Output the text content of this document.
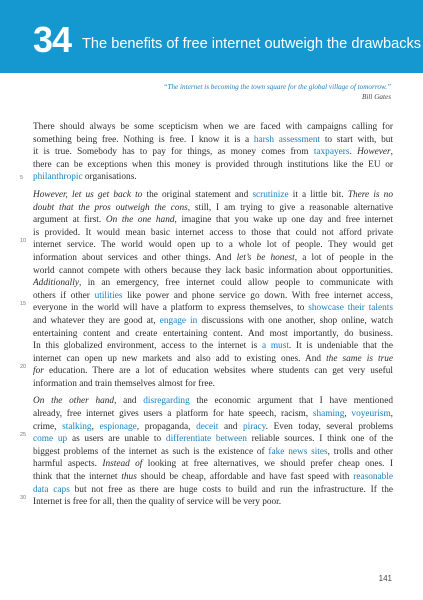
34 The benefits of free internet outweigh the drawbacks
“The internet is becoming the town square for the global village of tomorrow.”
Bill Gates
There should always be some scepticism when we are faced with campaigns calling for
something being free. Nothing is free. I know it is a harsh assessment to start with, but
it is true. Somebody has to pay for things, as money comes from taxpayers. However,
there can be exceptions when this money is provided through institutions like the EU or
philanthropic organisations.
However, let us get back to the original statement and scrutinize it a little bit. There is no
doubt that the pros outweigh the cons, still, I am trying to give a reasonable alternative
argument at first. On the one hand, imagine that you wake up one day and free internet
is provided. It would mean basic internet access to those that could not afford private
internet service. The world would open up to a whole lot of people. They would get
information about services and other things. And let’s be honest, a lot of people in the
world cannot compete with others because they lack basic information about opportunities.
Additionally, in an emergency, free internet could allow people to communicate with
others if other utilities like power and phone service go down. With free internet access,
everyone in the world will have a platform to express themselves, to showcase their talents
and whatever they are good at, engage in discussions with one another, shop online, watch
entertaining content and create entertaining content. And most importantly, do business.
In this globalized environment, access to the internet is a must. It is undeniable that the
internet can open up new markets and also add to existing ones. And the same is true
for education. There are a lot of education websites where students can get very useful
information and train themselves almost for free.
On the other hand, and disregarding the economic argument that I have mentioned
already, free internet gives users a platform for hate speech, racism, shaming, voyeurism,
crime, stalking, espionage, propaganda, deceit and piracy. Even today, several problems
come up as users are unable to differentiate between reliable sources. I think one of the
biggest problems of the internet as such is the existence of fake news sites, trolls and other
harmful aspects. Instead of looking at free alternatives, we should prefer cheap ones. I
think that the internet thus should be cheap, affordable and have fast speed with reasonable
data caps but not free as there are huge costs to build and run the infrastructure. If the
Internet is free for all, then the quality of service will be very poor.
5
10
15
20
25
30
141
